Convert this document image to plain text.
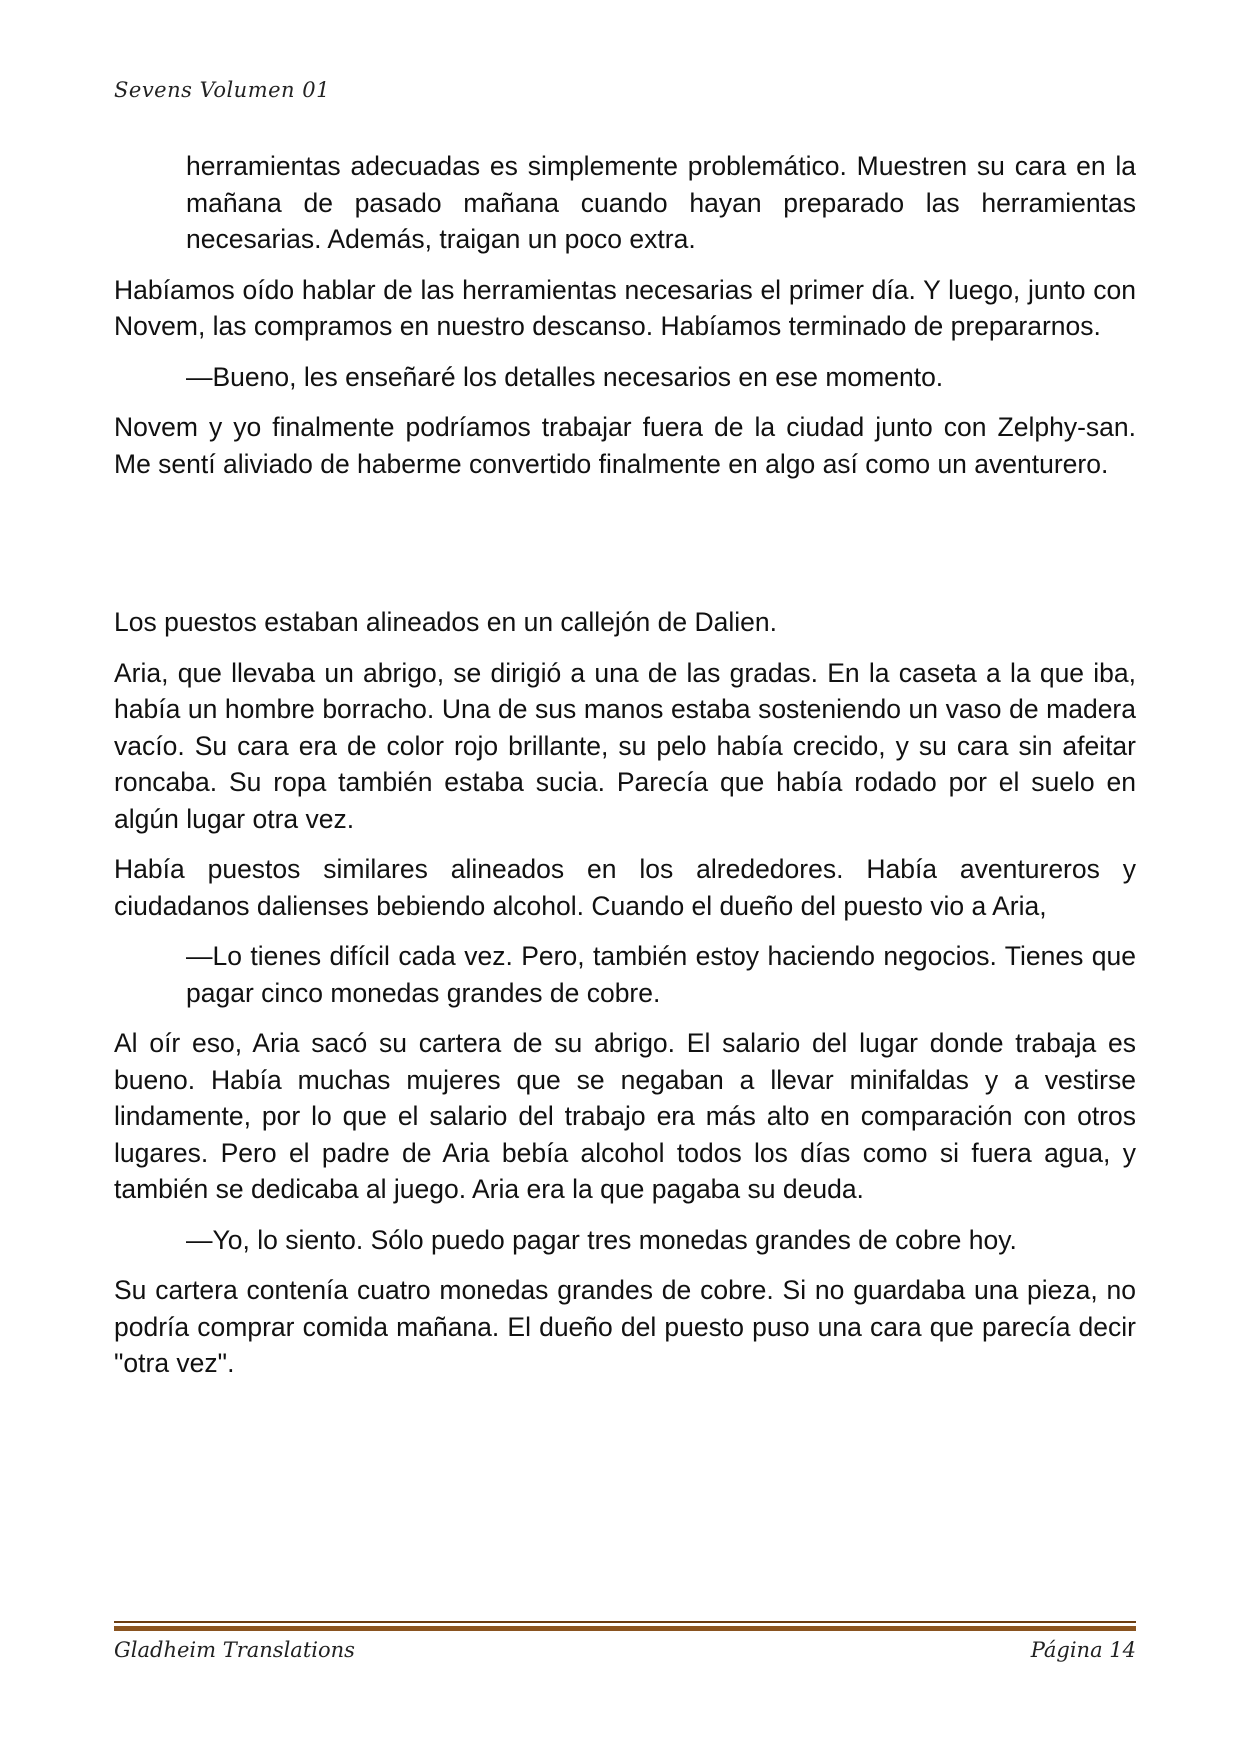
Sevens Volumen 01

herramientas adecuadas es simplemente problemático. Muestren su cara en la mañana de pasado mañana cuando hayan preparado las herramientas necesarias. Además, traigan un poco extra.

Habíamos oído hablar de las herramientas necesarias el primer día. Y luego, junto con Novem, las compramos en nuestro descanso. Habíamos terminado de prepararnos.

—Bueno, les enseñaré los detalles necesarios en ese momento.

Novem y yo finalmente podríamos trabajar fuera de la ciudad junto con Zelphy-san. Me sentí aliviado de haberme convertido finalmente en algo así como un aventurero.

Los puestos estaban alineados en un callejón de Dalien.

Aria, que llevaba un abrigo, se dirigió a una de las gradas. En la caseta a la que iba, había un hombre borracho. Una de sus manos estaba sosteniendo un vaso de madera vacío. Su cara era de color rojo brillante, su pelo había crecido, y su cara sin afeitar roncaba. Su ropa también estaba sucia. Parecía que había rodado por el suelo en algún lugar otra vez.

Había puestos similares alineados en los alrededores. Había aventureros y ciudadanos dalienses bebiendo alcohol. Cuando el dueño del puesto vio a Aria,

—Lo tienes difícil cada vez. Pero, también estoy haciendo negocios. Tienes que pagar cinco monedas grandes de cobre.

Al oír eso, Aria sacó su cartera de su abrigo. El salario del lugar donde trabaja es bueno. Había muchas mujeres que se negaban a llevar minifaldas y a vestirse lindamente, por lo que el salario del trabajo era más alto en comparación con otros lugares. Pero el padre de Aria bebía alcohol todos los días como si fuera agua, y también se dedicaba al juego. Aria era la que pagaba su deuda.

—Yo, lo siento. Sólo puedo pagar tres monedas grandes de cobre hoy.

Su cartera contenía cuatro monedas grandes de cobre. Si no guardaba una pieza, no podría comprar comida mañana. El dueño del puesto puso una cara que parecía decir "otra vez".

Gladheim Translations	Página 14
